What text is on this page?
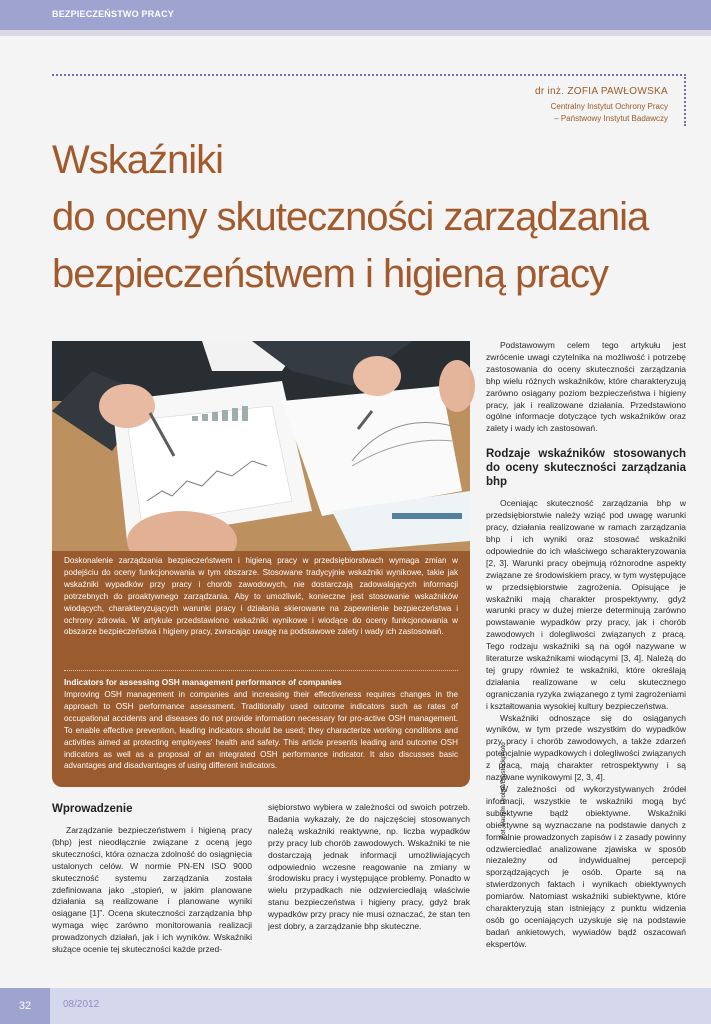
BEZPIECZEŃSTWO PRACY
dr inż. ZOFIA PAWŁOWSKA
Centralny Instytut Ochrony Pracy
– Państwowy Instytut Badawczy
Wskaźniki
do oceny skuteczności zarządzania
bezpieczeństwem i higieną pracy
Fot. Vadym Drobot/Bigstockphoto
Doskonalenie zarządzania bezpieczeństwem i higieną pracy w przedsiębiorstwach wymaga zmian w podejściu do oceny funkcjonowania w tym obszarze. Stosowane tradycyjnie wskaźniki wynikowe, takie jak wskaźniki wypadków przy pracy i chorób zawodowych, nie dostarczają zadowalających informacji potrzebnych do proaktywnego zarządzania. Aby to umożliwić, konieczne jest stosowanie wskaźników wiodących, charakteryzujących warunki pracy i działania skierowane na zapewnienie bezpieczeństwa i ochrony zdrowia. W artykule przedstawiono wskaźniki wynikowe i wiodące do oceny funkcjonowania w obszarze bezpieczeństwa i higieny pracy, zwracając uwagę na podstawowe zalety i wady ich zastosowań.
Indicators for assessing OSH management performance of companies
Improving OSH management in companies and increasing their effectiveness requires changes in the approach to OSH performance assessment. Traditionally used outcome indicators such as rates of occupational accidents and diseases do not provide information necessary for pro-active OSH management. To enable effective prevention, leading indicators should be used; they characterize working conditions and activities aimed at protecting employees' health and safety. This article presents leading and outcome OSH indicators as well as a proposal of an integrated OSH performance indicator. It also discusses basic advantages and disadvantages of using different indicators.
Wprowadzenie

Zarządzanie bezpieczeństwem i higieną pracy (bhp) jest nieodłącznie związane z oceną jego skuteczności, która oznacza zdolność do osiągnięcia ustalonych celów. W normie PN-EN ISO 9000 skuteczność systemu zarządzania została zdefiniowana jako „stopień, w jakim planowane działania są realizowane i planowane wyniki osiągane [1]”. Ocena skuteczności zarządzania bhp wymaga więc zarówno monitorowania realizacji prowadzonych działań, jak i ich wyników. Wskaźniki służące ocenie tej skuteczności każde przed-

siębiorstwo wybiera w zależności od swoich potrzeb. Badania wykazały, że do najczęściej stosowanych należą wskaźniki reaktywne, np. liczba wypadków przy pracy lub chorób zawodowych. Wskaźniki te nie dostarczają jednak informacji umożliwiających odpowiednio wczesne reagowanie na zmiany w środowisku pracy i występujące problemy. Ponadto w wielu przypadkach nie odzwierciedlają właściwie stanu bezpieczeństwa i higieny pracy, gdyż brak wypadków przy pracy nie musi oznaczać, że stan ten jest dobry, a zarządzanie bhp skuteczne.

Podstawowym celem tego artykułu jest zwrócenie uwagi czytelnika na możliwość i potrzebę zastosowania do oceny skuteczności zarządzania bhp wielu różnych wskaźników, które charakteryzują zarówno osiągany poziom bezpieczeństwa i higieny pracy, jak i realizowane działania. Przedstawiono ogólne informacje dotyczące tych wskaźników oraz zalety i wady ich zastosowań.

Rodzaje wskaźników stosowanych do oceny skuteczności zarządzania bhp

Oceniając skuteczność zarządzania bhp w przedsiębiorstwie należy wziąć pod uwagę warunki pracy, działania realizowane w ramach zarządzania bhp i ich wyniki oraz stosować wskaźniki odpowiednie do ich właściwego scharakteryzowania [2, 3]. Warunki pracy obejmują różnorodne aspekty związane ze środowiskiem pracy, w tym występujące w przedsiębiorstwie zagrożenia. Opisujące je wskaźniki mają charakter prospektywny, gdyż warunki pracy w dużej mierze determinują zarówno powstawanie wypadków przy pracy, jak i chorób zawodowych i dolegliwości związanych z pracą. Tego rodzaju wskaźniki są na ogół nazywane w literaturze wskaźnikami wiodącymi [3, 4]. Należą do tej grupy również te wskaźniki, które określają działania realizowane w celu skutecznego ograniczania ryzyka związanego z tymi zagrożeniami i kształtowania wysokiej kultury bezpieczeństwa.

Wskaźniki odnoszące się do osiąganych wyników, w tym przede wszystkim do wypadków przy pracy i chorób zawodowych, a także zdarzeń potencjalnie wypadkowych i dolegliwości związanych z pracą, mają charakter retrospektywny i są nazywane wynikowymi [2, 3, 4].

W zależności od wykorzystywanych źródeł informacji, wszystkie te wskaźniki mogą być subiektywne bądź obiektywne. Wskaźniki obiektywne są wyznaczane na podstawie danych z formalnie prowadzonych zapisów i z zasady powinny odzwierciedlać analizowane zjawiska w sposób niezależny od indywidualnej percepcji sporządzających je osób. Oparte są na stwierdzonych faktach i wynikach obiektywnych pomiarów. Natomiast wskaźniki subiektywne, które charakteryzują stan istniejący z punktu widzenia osób go oceniających uzyskuje się na podstawie badań ankietowych, wywiadów bądź oszacowań ekspertów.

32	08/2012
